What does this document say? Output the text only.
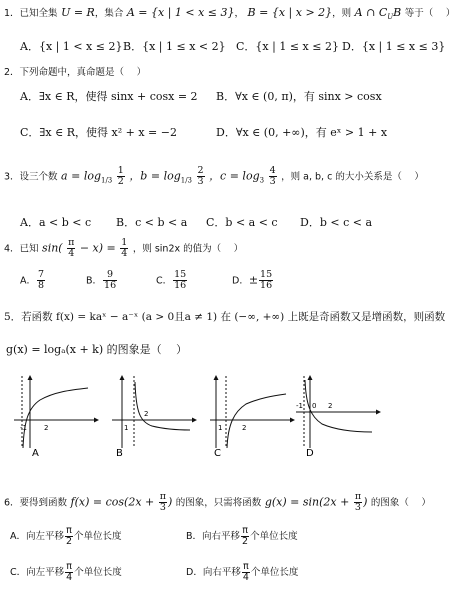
1．已知全集 U = R，集合 A = {x | 1 < x ≤ 3}， B = {x | x > 2}，则 A ∩ $C_UB$ 等于（　 ）
A．{x | 1 < x ≤ 2} B．{x | 1 ≤ x < 2} C．{x | 1 ≤ x ≤ 2} D．{x | 1 ≤ x ≤ 3}
2．下列命题中，真命题是（　 ）
A．∃x ∈ R，使得 sinx + cosx = 2 B．∀x ∈ (0, π)，有 sinx > cosx
C．∃x ∈ R，使得 x² + x = −2	D．∀x ∈ (0, +∞)，有 eˣ > 1 + x
3．设三个数 $a = \log_{1/3} \frac{1}{2}$ ，$b = \log_{1/3} \frac{2}{3}$ ，$c = \log_3 \frac{4}{3}$ ，则 a, b, c 的大小关系是（　 ）
A．a < b < c B．c < b < a C．b < a < c D．b < c < a
4．已知 $\sin( \frac{\pi}{4} - x) = \frac{1}{4}$ ，则 sin2x 的值为（　 ）
A． $\frac{7}{8}$	B． $\frac{9}{16}$	C． $\frac{15}{16}$	D．± $\frac{15}{16}$
5．若函数 f(x) = kaˣ − a⁻ˣ (a > 0且a ≠ 1) 在 (−∞, +∞) 上既是奇函数又是增函数，则函数
g(x) = logₐ(x + k) 的图象是（　 ）
-1 2
A
1
2
B
1	2
C
-1 0 2
D
6．要得到函数 $f(x) = \cos(2x + \frac{\pi}{3}$ ) 的图象，只需将函数 $g(x) = \sin(2x + \frac{\pi}{3}$ ) 的图象（　 ）
A．向左平移 $\frac{\pi}{2}$ 个单位长度	B．向右平移 $\frac{\pi}{2}$ 个单位长度
C．向左平移 $\frac{\pi}{4}$ 个单位长度	D．向右平移 $\frac{\pi}{4}$ 个单位长度
